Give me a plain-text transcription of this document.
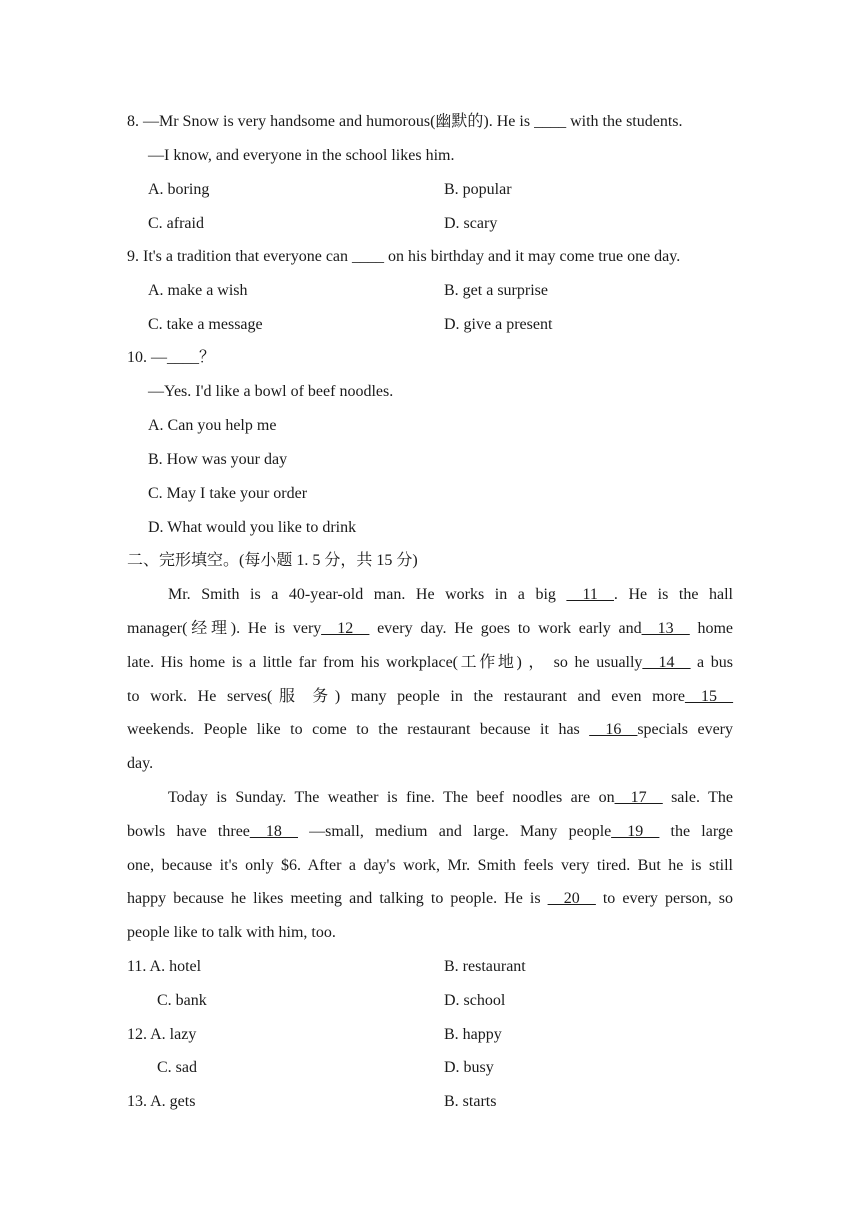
8. —Mr Snow is very handsome and humorous(幽默的). He is ____ with the students.
—I know, and everyone in the school likes him.
A. boring	B. popular
C. afraid	D. scary
9. It's a tradition that everyone can ____ on his birthday and it may come true one day.
A. make a wish	B. get a surprise
C. take a message	D. give a present
10. —____？
—Yes. I'd like a bowl of beef noodles.
A. Can you help me
B. How was your day
C. May I take your order
D. What would you like to drink
二、完形填空。(每小题 1. 5 分，共 15 分)
Mr. Smith is a 40-year-old man. He works in a big __11__. He is the hall
manager(经理). He is very__12__ every day. He goes to work early and__13__ home
late. His home is a little far from his workplace(工作地) ， so he usually__14__ a bus
to work. He serves(服 务) many people in the restaurant and even more__15__
weekends. People like to come to the restaurant because it has __16__specials every
day.
Today is Sunday. The weather is fine. The beef noodles are on__17__ sale. The
bowls have three__18__ —small, medium and large. Many people__19__ the large
one, because it's only $6. After a day's work, Mr. Smith feels very tired. But he is still
happy because he likes meeting and talking to people. He is __20__ to every person, so
people like to talk with him, too.
11. A. hotel	B. restaurant
C. bank	D. school
12. A. lazy	B. happy
C. sad	D. busy
13. A. gets	B. starts
